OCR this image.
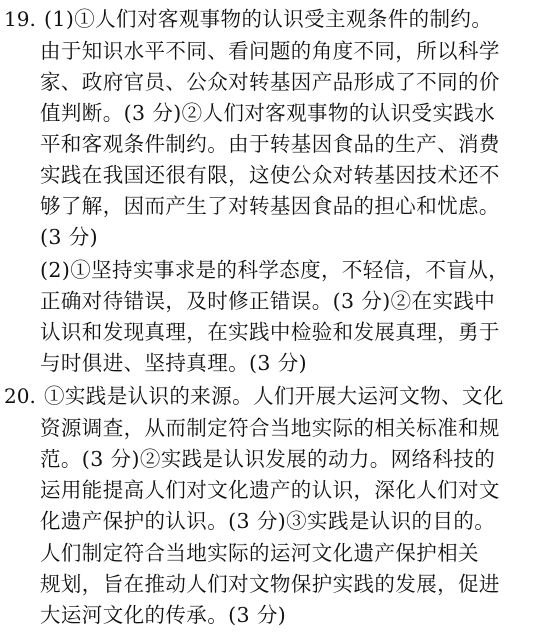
19. (1)①人们对客观事物的认识受主观条件的制约。
由于知识水平不同、看问题的角度不同，所以科学
家、政府官员、公众对转基因产品形成了不同的价
值判断。(3 分)②人们对客观事物的认识受实践水
平和客观条件制约。由于转基因食品的生产、消费
实践在我国还很有限，这使公众对转基因技术还不
够了解，因而产生了对转基因食品的担心和忧虑。
(3 分)
(2)①坚持实事求是的科学态度，不轻信，不盲从，
正确对待错误，及时修正错误。(3 分)②在实践中
认识和发现真理，在实践中检验和发展真理，勇于
与时俱进、坚持真理。(3 分)
20. ①实践是认识的来源。人们开展大运河文物、文化
资源调查，从而制定符合当地实际的相关标准和规
范。(3 分)②实践是认识发展的动力。网络科技的
运用能提高人们对文化遗产的认识，深化人们对文
化遗产保护的认识。(3 分)③实践是认识的目的。
人们制定符合当地实际的运河文化遗产保护相关
规划，旨在推动人们对文物保护实践的发展，促进
大运河文化的传承。(3 分)
